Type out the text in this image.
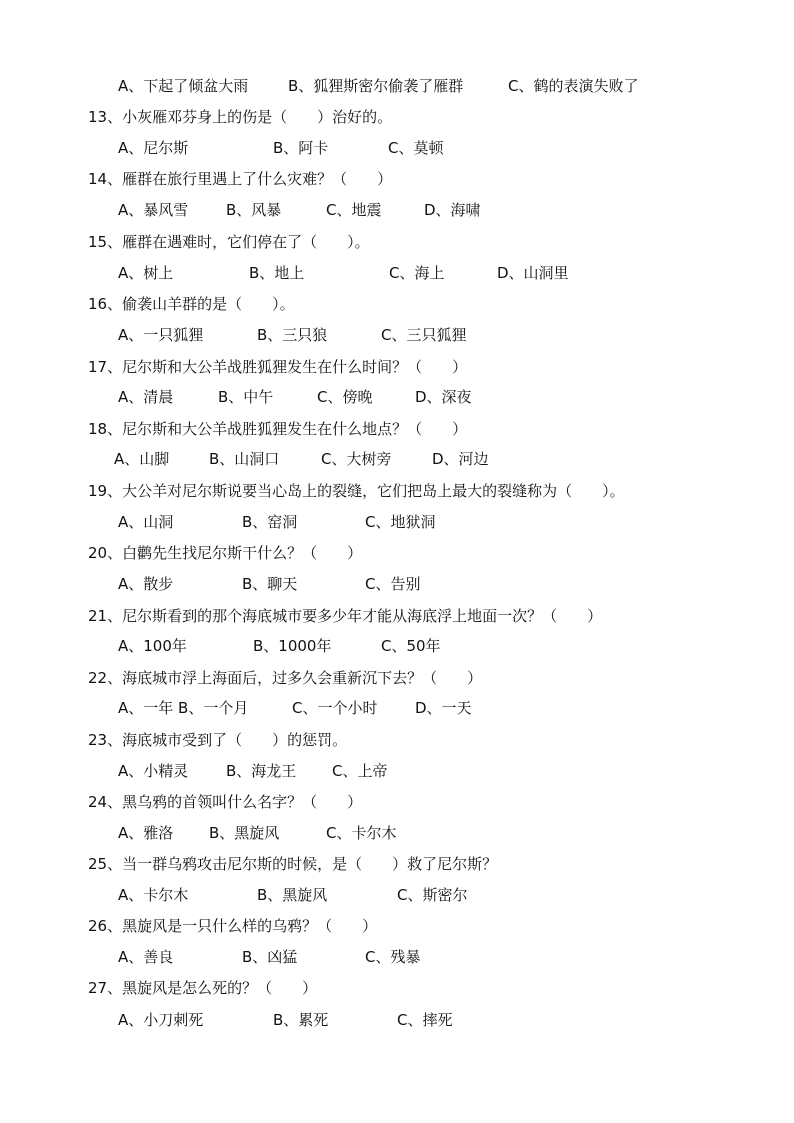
A、下起了倾盆大雨	B、狐狸斯密尔偷袭了雁群	C、鹤的表演失败了
13、小灰雁邓芬身上的伤是（　　）治好的。
A、尼尔斯	B、阿卡	C、莫顿
14、雁群在旅行里遇上了什么灾难？（　　）
A、暴风雪	B、风暴	C、地震	D、海啸
15、雁群在遇难时，它们停在了（　　）。
A、树上	B、地上	C、海上	D、山洞里
16、偷袭山羊群的是（　　）。
A、一只狐狸	B、三只狼	C、三只狐狸
17、尼尔斯和大公羊战胜狐狸发生在什么时间？（　　）
A、清晨	B、中午	C、傍晚	D、深夜
18、尼尔斯和大公羊战胜狐狸发生在什么地点？（　　）
A、山脚	B、山洞口	C、大树旁	D、河边
19、大公羊对尼尔斯说要当心岛上的裂缝，它们把岛上最大的裂缝称为（　　）。
A、山洞	B、窑洞	C、地狱洞
20、白鹳先生找尼尔斯干什么？（　　）
A、散步	B、聊天	C、告别
21、尼尔斯看到的那个海底城市要多少年才能从海底浮上地面一次？（　　）
A、100年	B、1000年	C、50年
22、海底城市浮上海面后，过多久会重新沉下去？（　　）
A、一年 B、一个月	C、一个小时	D、一天
23、海底城市受到了（　　）的惩罚。
A、小精灵	B、海龙王 C、上帝
24、黑乌鸦的首领叫什么名字？（　　）
A、雅洛 B、黑旋风	C、卡尔木
25、当一群乌鸦攻击尼尔斯的时候，是（　　）救了尼尔斯？
A、卡尔木	B、黑旋风	C、斯密尔
26、黑旋风是一只什么样的乌鸦？（　　）
A、善良	B、凶猛	C、残暴
27、黑旋风是怎么死的？（　　）
A、小刀刺死	B、累死	C、摔死
